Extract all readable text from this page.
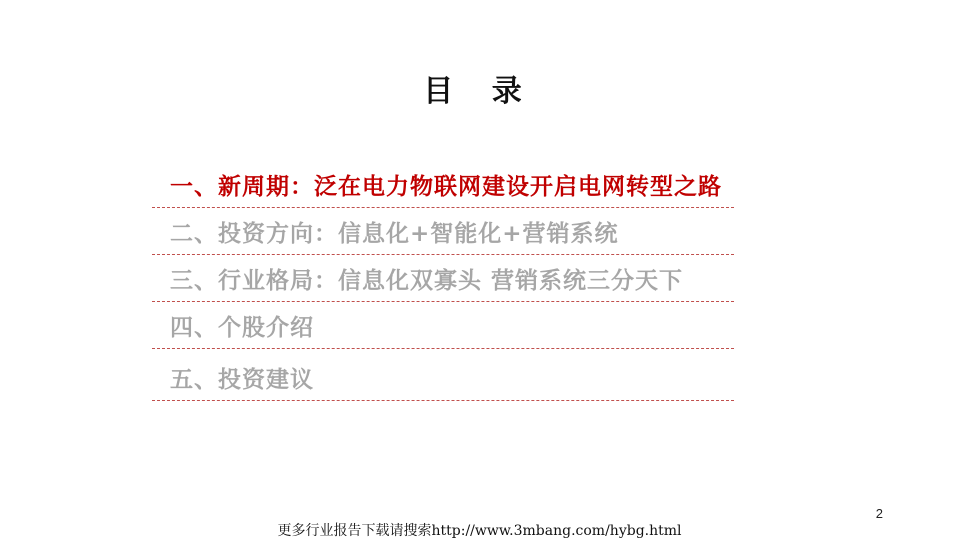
目 录
一、新周期：泛在电力物联网建设开启电网转型之路
二、投资方向：信息化+智能化+营销系统
三、行业格局：信息化双寡头 营销系统三分天下
四、个股介绍
五、投资建议
2
更多行业报告下载请搜索http://www.3mbang.com/hybg.html
